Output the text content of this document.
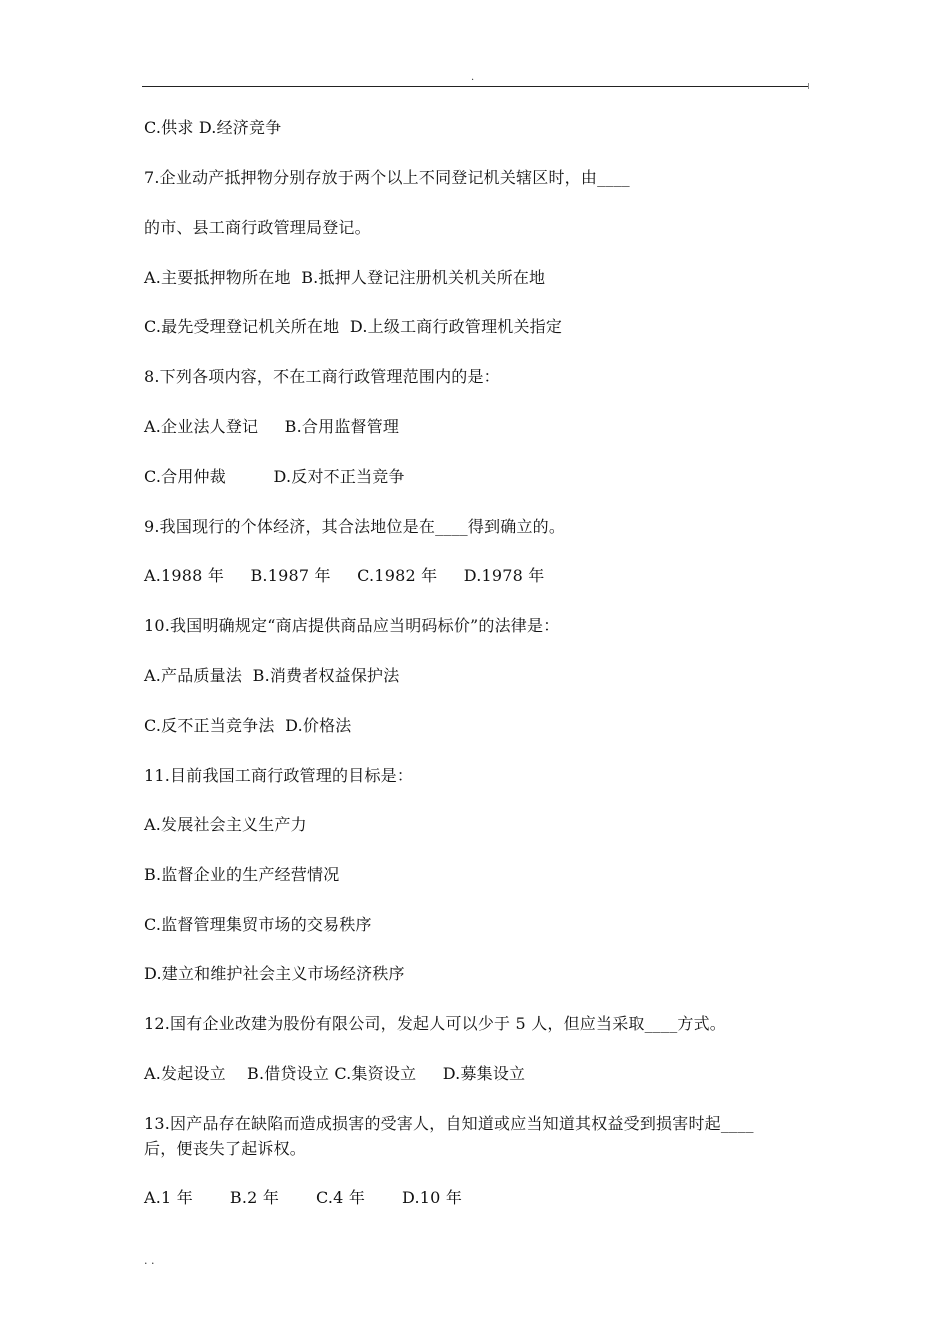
.
C.供求 D.经济竞争
7.企业动产抵押物分别存放于两个以上不同登记机关辖区时，由____
的市、县工商行政管理局登记。
A.主要抵押物所在地  B.抵押人登记注册机关机关所在地
C.最先受理登记机关所在地  D.上级工商行政管理机关指定
8.下列各项内容，不在工商行政管理范围内的是：
A.企业法人登记     B.合用监督管理
C.合用仲裁         D.反对不正当竞争
9.我国现行的个体经济，其合法地位是在____得到确立的。
A.1988 年     B.1987 年     C.1982 年     D.1978 年
10.我国明确规定“商店提供商品应当明码标价”的法律是：
A.产品质量法  B.消费者权益保护法
C.反不正当竞争法  D.价格法
11.目前我国工商行政管理的目标是：
A.发展社会主义生产力
B.监督企业的生产经营情况
C.监督管理集贸市场的交易秩序
D.建立和维护社会主义市场经济秩序
12.国有企业改建为股份有限公司，发起人可以少于 5 人，但应当采取____方式。
A.发起设立    B.借贷设立 C.集资设立     D.募集设立
13.因产品存在缺陷而造成损害的受害人，自知道或应当知道其权益受到损害时起____
后，便丧失了起诉权。
A.1 年       B.2 年       C.4 年       D.10 年
. .
